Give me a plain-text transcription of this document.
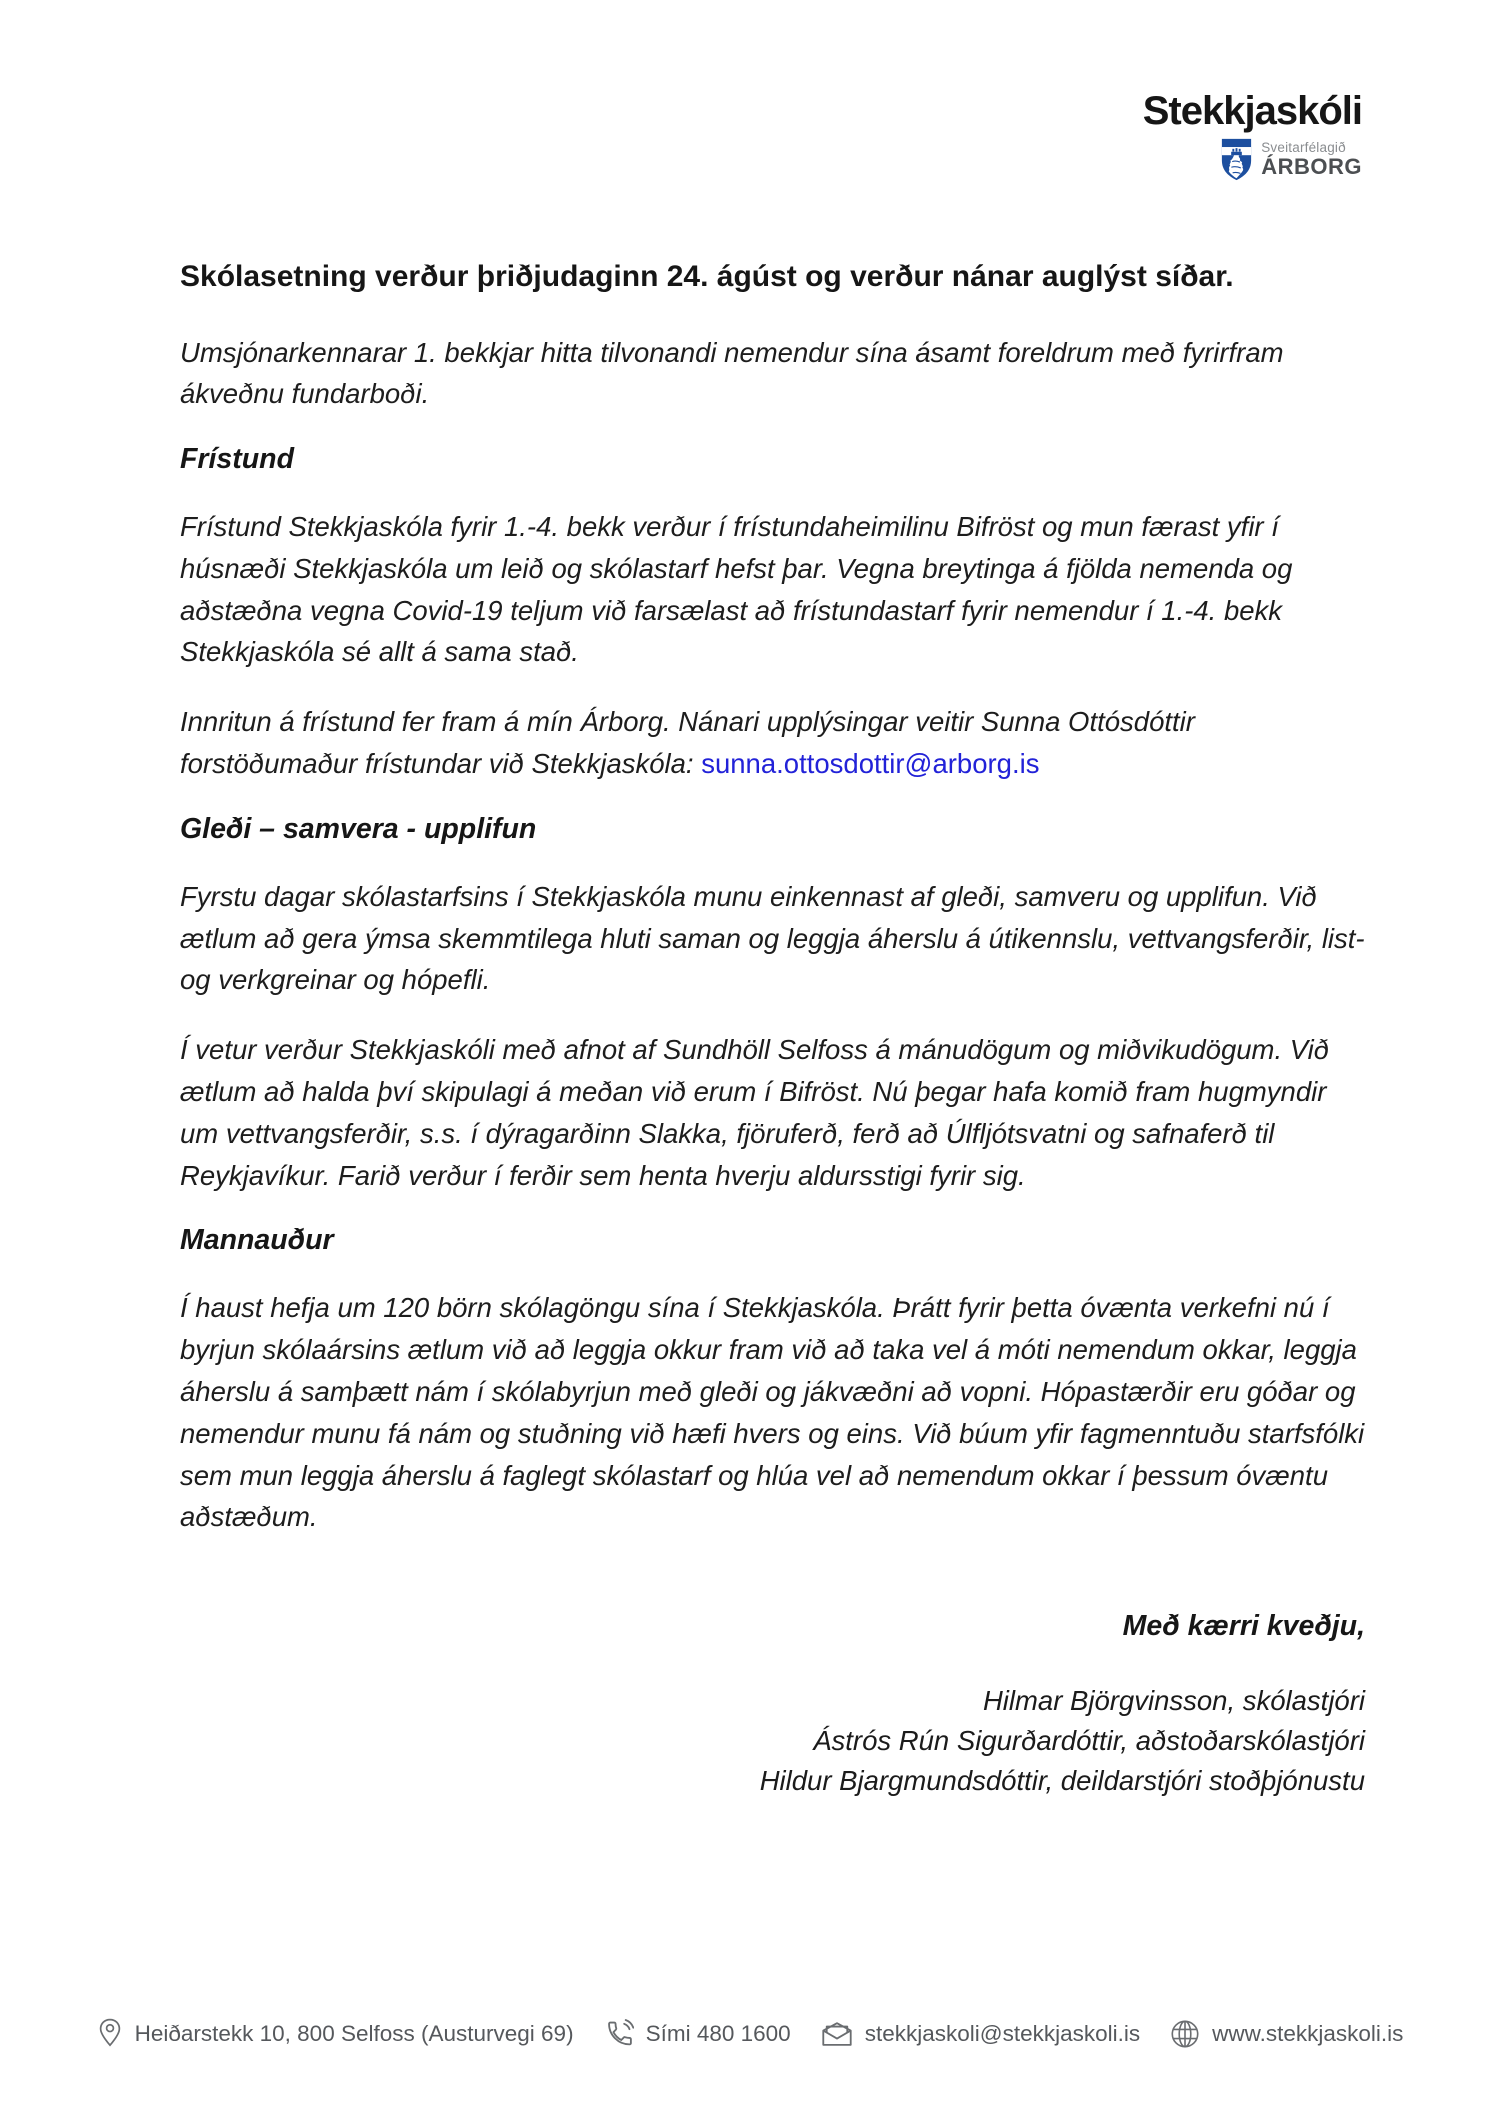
Stekkjaskóli
Sveitarfélagið
ÁRBORG
Skólasetning verður þriðjudaginn 24. ágúst og verður nánar auglýst síðar.

Umsjónarkennarar 1. bekkjar hitta tilvonandi nemendur sína ásamt foreldrum með fyrirfram ákveðnu fundarboði.

Frístund

Frístund Stekkjaskóla fyrir 1.-4. bekk verður í frístundaheimilinu Bifröst og mun færast yfir í húsnæði Stekkjaskóla um leið og skólastarf hefst þar. Vegna breytinga á fjölda nemenda og aðstæðna vegna Covid-19 teljum við farsælast að frístundastarf fyrir nemendur í 1.-4. bekk Stekkjaskóla sé allt á sama stað.

Innritun á frístund fer fram á mín Árborg. Nánari upplýsingar veitir Sunna Ottósdóttir forstöðumaður frístundar við Stekkjaskóla: sunna.ottosdottir@arborg.is

Gleði – samvera - upplifun

Fyrstu dagar skólastarfsins í Stekkjaskóla munu einkennast af gleði, samveru og upplifun. Við ætlum að gera ýmsa skemmtilega hluti saman og leggja áherslu á útikennslu, vettvangsferðir, list- og verkgreinar og hópefli.

Í vetur verður Stekkjaskóli með afnot af Sundhöll Selfoss á mánudögum og miðvikudögum. Við ætlum að halda því skipulagi á meðan við erum í Bifröst. Nú þegar hafa komið fram hugmyndir um vettvangsferðir, s.s. í dýragarðinn Slakka, fjöruferð, ferð að Úlfljótsvatni og safnaferð til Reykjavíkur. Farið verður í ferðir sem henta hverju aldursstigi fyrir sig.

Mannauður

Í haust hefja um 120 börn skólagöngu sína í Stekkjaskóla. Þrátt fyrir þetta óvænta verkefni nú í byrjun skólaársins ætlum við að leggja okkur fram við að taka vel á móti nemendum okkar, leggja áherslu á samþætt nám í skólabyrjun með gleði og jákvæðni að vopni. Hópastærðir eru góðar og nemendur munu fá nám og stuðning við hæfi hvers og eins. Við búum yfir fagmenntuðu starfsfólki sem mun leggja áherslu á faglegt skólastarf og hlúa vel að nemendum okkar í þessum óvæntu aðstæðum.

Með kærri kveðju,
Hilmar Björgvinsson, skólastjóri
Ástrós Rún Sigurðardóttir, aðstoðarskólastjóri
Hildur Bjargmundsdóttir, deildarstjóri stoðþjónustu
Heiðarstekk 10, 800 Selfoss (Austurvegi 69)	Sími 480 1600	stekkjaskoli@stekkjaskoli.is	www.stekkjaskoli.is
